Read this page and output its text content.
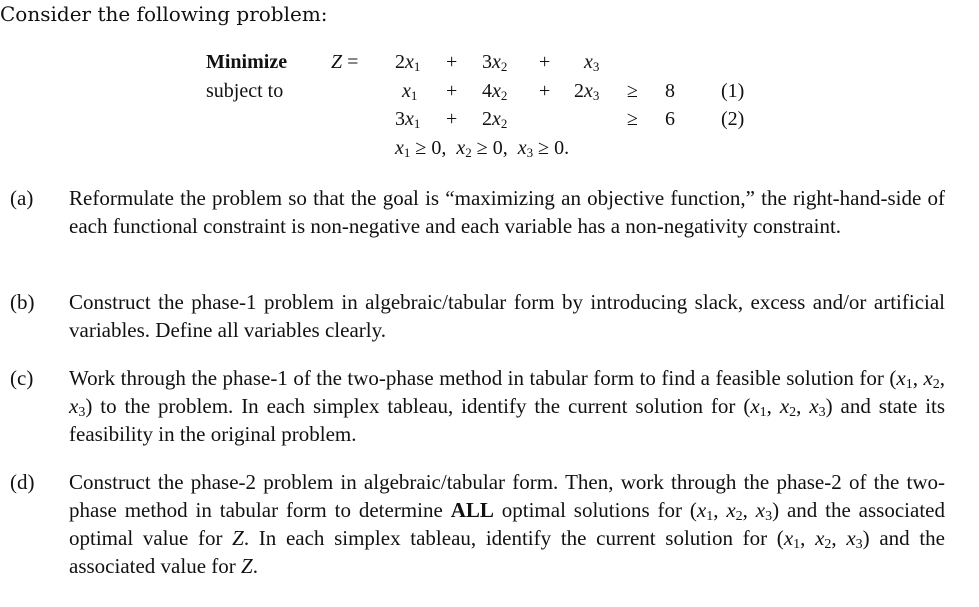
Consider the following problem:
Minimize $Z = 2x_1 + 3x_2 + x_3$
subject to	$x_1 + 4x_2 + 2x_3 \ge 8$ (1)
$3x_1 + 2x_2$	≥ 6 (2)
$x_1 \ge 0$,  $x_2 \ge 0$,  $x_3 \ge 0$.
(a)	Reformulate the problem so that the goal is “maximizing an objective function,” the right-hand-side of each functional constraint is non-negative and each variable has a non-negativity constraint.
(b)	Construct the phase-1 problem in algebraic/tabular form by introducing slack, excess and/or artificial variables. Define all variables clearly.
(c)	Work through the phase-1 of the two-phase method in tabular form to find a feasible solution for ($x_1$, $x_2$, $x_3$) to the problem. In each simplex tableau, identify the current solution for ($x_1$, $x_2$, $x_3$) and state its feasibility in the original problem.
(d)	Construct the phase-2 problem in algebraic/tabular form. Then, work through the phase-2 of the two-phase method in tabular form to determine ALL optimal solutions for ($x_1$, $x_2$, $x_3$) and the associated optimal value for Z. In each simplex tableau, identify the current solution for ($x_1$, $x_2$, $x_3$) and the associated value for Z.
